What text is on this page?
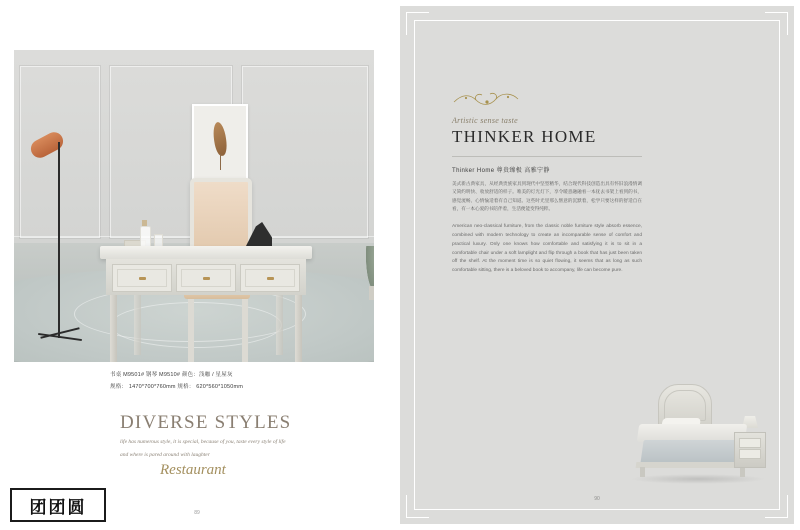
书桌 M9501# 钢琴 M9510# 颜色：浅咖 / 星屋灰
规格： 1470*700*760mm 规格： 620*560*1050mm
DIVERSE STYLES
life has numerous style, it is special, because of you, taste every style of life
and where is pared around with laughter
Restaurant
89
团团圆
Artistic sense taste
THINKER HOME
Thinker Home 尊贵臻极 高雅宁静
美式新古典家具，从经典贵族家具到现代中坚型精华，结合现代科技创造出具有怀旧浪漫情调又简约明快、收放舒适的样子。唯美的灯光灯下，享令暖意融融看一本抚去书架上看到的书，感觉流畅、心情愉适着有自己知道。这些时光里那么惬意的沉默着，松学只要这样的舒适自在看，有一本心爱的书陪伴着，生活便能变得纯粹。
American neo-classical furniture, from the classic noble furniture style absorb essence, combined with modern technology to create an incomparable sense of comfort and practical luxury. Only one knows how comfortable and satisfying it is to sit in a comfortable chair under a soft lamplight and flip through a book that has just been taken off the shelf. At the moment time is so quiet flowing, it seems that as long as such comfortable sitting, there is a beloved book to accompany, life can become pure.
90
